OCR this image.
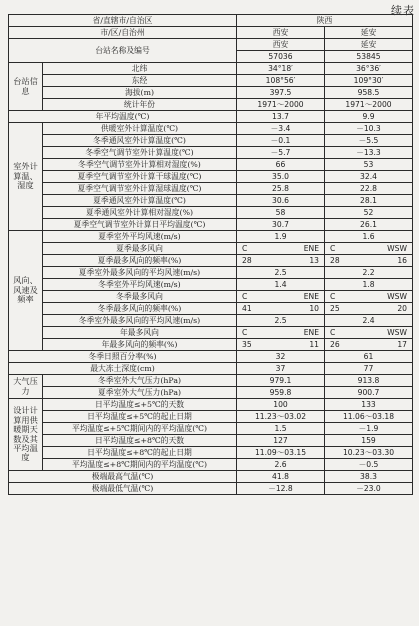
续表
省/直辖市/自治区		陕西	
市/区/自治州		西安	延安
台站名称及编号		西安	延安
		57036	53845
台站信息	北纬	34°18′	36°36′
	东经	108°56′	109°30′
	海拔(m)	397.5	958.5
	统计年份	1971～2000	1971～2000
年平均温度(℃)		13.7	9.9
室外计算温、湿度	供暖室外计算温度(℃)	－3.4	－10.3
	冬季通风室外计算温度(℃)	－0.1	－5.5
	冬季空气调节室外计算温度(℃)	－5.7	－13.3
	冬季空气调节室外计算相对湿度(%)	66	53
	夏季空气调节室外计算干球温度(℃)	35.0	32.4
	夏季空气调节室外计算湿球温度(℃)	25.8	22.8
	夏季通风室外计算温度(℃)	30.6	28.1
	夏季通风室外计算相对湿度(%)	58	52
	夏季空气调节室外计算日平均温度(℃)	30.7	26.1
风向、风速及频率	夏季室外平均风速(m/s)	1.9	1.6
	夏季最多风向	C ENE	C WSW

	夏季最多风向的频率(%)	28 13	28 16

	夏季室外最多风向的平均风速(m/s)	2.5	2.2
	冬季室外平均风速(m/s)	1.4	1.8
	冬季最多风向	C ENE	C WSW

	冬季最多风向的频率(%)	41 10	25 20

	冬季室外最多风向的平均风速(m/s)	2.5	2.4
	年最多风向	C ENE	C WSW

	年最多风向的频率(%)	35 11	26 17

冬季日照百分率(%)		32	61
最大冻土深度(cm)		37	77
大气压力	冬季室外大气压力(hPa)	979.1	913.8
	夏季室外大气压力(hPa)	959.8	900.7
设计计算用供暖期天数及其平均温度	日平均温度≤+5℃的天数	100	133
	日平均温度≤+5℃的起止日期	11.23～03.02	11.06～03.18
	平均温度≤+5℃期间内的平均温度(℃)	1.5	－1.9
	日平均温度≤+8℃的天数	127	159
	日平均温度≤+8℃的起止日期	11.09～03.15	10.23～03.30
	平均温度≤+8℃期间内的平均温度(℃)	2.6	－0.5
极端最高气温(℃)		41.8	38.3
极端最低气温(℃)		－12.8	－23.0
